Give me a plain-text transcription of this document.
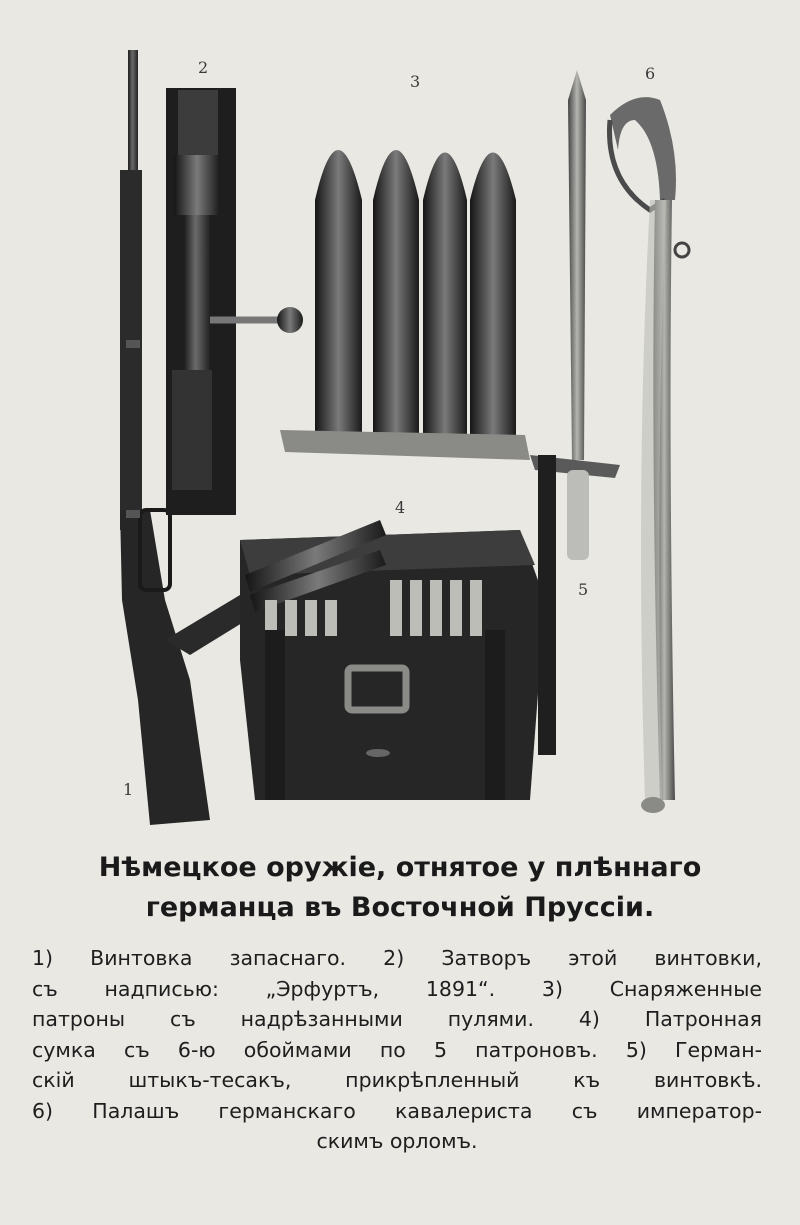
2
3	6
4
5
1
Нѣмецкое оружіе, отнятое у плѣннаго
германца въ Восточной Пруссіи.
1) Винтовка запаснаго. 2) Затворъ этой винтовки,
съ надписью: „Эрфуртъ, 1891“. 3) Снаряженные
патроны съ надрѣзанными пулями. 4) Патронная
сумка съ 6-ю обоймами по 5 патроновъ. 5) Герман-
скій штыкъ-тесакъ, прикрѣпленный къ винтовкѣ.
6) Палашъ германскаго кавалериста съ император-
скимъ орломъ.
